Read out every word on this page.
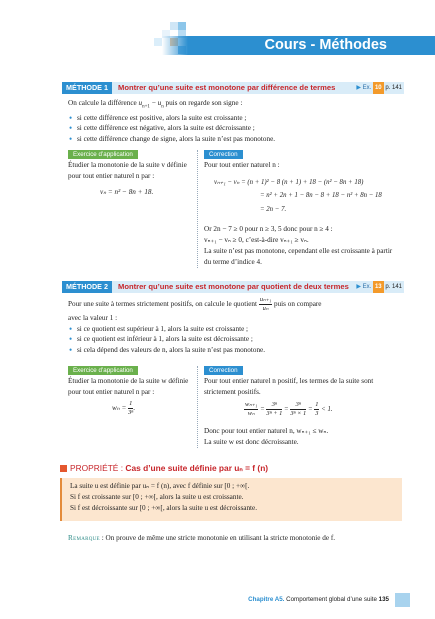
Cours - Méthodes
MÉTHODE 1	Montrer qu’une suite est monotone par différence de termes	▶ Ex. 10 p. 141
On calcule la différence $u_{n+1} - u_n$ puis on regarde son signe :
• si cette différence est positive, alors la suite est croissante ;
• si cette différence est négative, alors la suite est décroissante ;
• si cette différence change de signe, alors la suite n’est pas monotone.
Exercice d’application
Étudier la monotonie de la suite v définie pour tout entier naturel n par :
vₙ = n² − 8n + 18.
Correction
Pour tout entier naturel n :
vₙ₊₁ − vₙ = (n + 1)² − 8 (n + 1) + 18 − (n² − 8n + 18)
= n² + 2n + 1 − 8n − 8 + 18 − n² + 8n − 18
= 2n − 7.
Or 2n − 7 ≥ 0 pour n ≥ 3, 5 donc pour n ≥ 4 :
vₙ₊₁ − vₙ ≥ 0, c’est-à-dire vₙ₊₁ ≥ vₙ.
La suite n’est pas monotone, cependant elle est croissante à partir du terme d’indice 4.
MÉTHODE 2	Montrer qu’une suite est monotone par quotient de deux termes ▶ Ex. 13 p. 141
Pour une suite à termes strictement positifs, on calcule le quotient $\frac{\text{uₙ₊₁}}{\text{uₙ}}$ puis on compare
avec la valeur 1 :
• si ce quotient est supérieur à 1, alors la suite est croissante ;
• si ce quotient est inférieur à 1, alors la suite est décroissante ;
• si cela dépend des valeurs de n, alors la suite n’est pas monotone.
Exercice d’application
Étudier la monotonie de la suite w définie pour tout entier naturel n par :
$w_n = \frac{1}{\text{3ⁿ}}$ .
Correction
Pour tout entier naturel n positif, les termes de la suite sont strictement positifs.
$\frac{\text{wₙ₊₁}}{\text{wₙ}} = \frac{\text{3ⁿ}}{\text{3ⁿ + 1}} = \frac{\text{3ⁿ}}{\text{3ⁿ × 1}} = \frac{1}{3} < 1$.
Donc pour tout entier naturel n, wₙ₊₁ ≤ wₙ.
La suite w est donc décroissante.
PROPRIÉTÉ : Cas d’une suite définie par uₙ = f (n)
La suite u est définie par uₙ = f (n), avec f définie sur [0 ; +∞[.
Si f est croissante sur [0 ; +∞[, alors la suite u est croissante.
Si f est décroissante sur [0 ; +∞[, alors la suite u est décroissante.
Remarque : On prouve de même une stricte monotonie en utilisant la stricte monotonie de f.
Chapitre A5. Comportement global d’une suite 135
